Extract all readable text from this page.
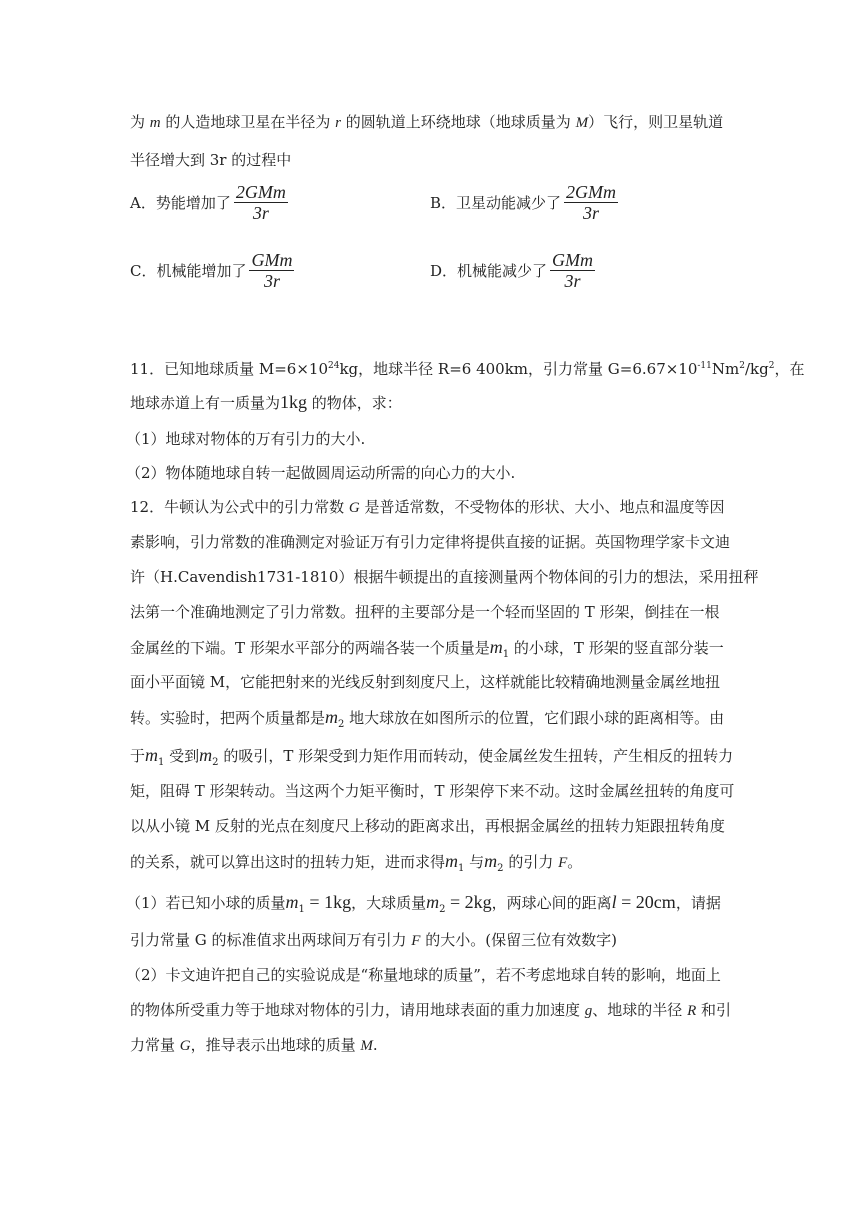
为 m 的人造地球卫星在半径为 r 的圆轨道上环绕地球（地球质量为 M）飞行，则卫星轨道
半径增大到 3r 的过程中
A．势能增加了 $\frac{\text{2GMm}}{3r}$	B．卫星动能减少了 $\frac{\text{2GMm}}{3r}$
C．机械能增加了 $\frac{\text{GMm}}{3r}$	D．机械能减少了 $\frac{\text{GMm}}{3r}$
11．已知地球质量 $M=6\times 10^{24}kg$，地球半径 R=6 400km，引力常量 $G=6.67\times 10^{-11}Nm^2/kg^2$，在
地球赤道上有一质量为1kg 的物体，求：
（1）地球对物体的万有引力的大小.
（2）物体随地球自转一起做圆周运动所需的向心力的大小.
12．牛顿认为公式中的引力常数 G 是普适常数，不受物体的形状、大小、地点和温度等因
素影响，引力常数的准确测定对验证万有引力定律将提供直接的证据。英国物理学家卡文迪
许（H.Cavendish1731-1810）根据牛顿提出的直接测量两个物体间的引力的想法，采用扭秤
法第一个准确地测定了引力常数。扭秤的主要部分是一个轻而坚固的 T 形架，倒挂在一根
金属丝的下端。T 形架水平部分的两端各装一个质量是$m_1$ 的小球，T 形架的竖直部分装一
面小平面镜 M，它能把射来的光线反射到刻度尺上，这样就能比较精确地测量金属丝地扭
转。实验时，把两个质量都是$m_2$ 地大球放在如图所示的位置，它们跟小球的距离相等。由
于$m_1$ 受到$m_2$ 的吸引，T 形架受到力矩作用而转动，使金属丝发生扭转，产生相反的扭转力
矩，阻碍 T 形架转动。当这两个力矩平衡时，T 形架停下来不动。这时金属丝扭转的角度可
以从小镜 M 反射的光点在刻度尺上移动的距离求出，再根据金属丝的扭转力矩跟扭转角度
的关系，就可以算出这时的扭转力矩，进而求得$m_1$ 与$m_2$ 的引力 F。
（1）若已知小球的质量$m_1 = 1kg$，大球质量$m_2 = 2kg$，两球心间的距离l = 20cm，请据
引力常量 G 的标准值求出两球间万有引力 F 的大小。(保留三位有效数字)
（2）卡文迪许把自己的实验说成是“称量地球的质量”，若不考虑地球自转的影响，地面上
的物体所受重力等于地球对物体的引力，请用地球表面的重力加速度 g、地球的半径 R 和引
力常量 G，推导表示出地球的质量 M.
